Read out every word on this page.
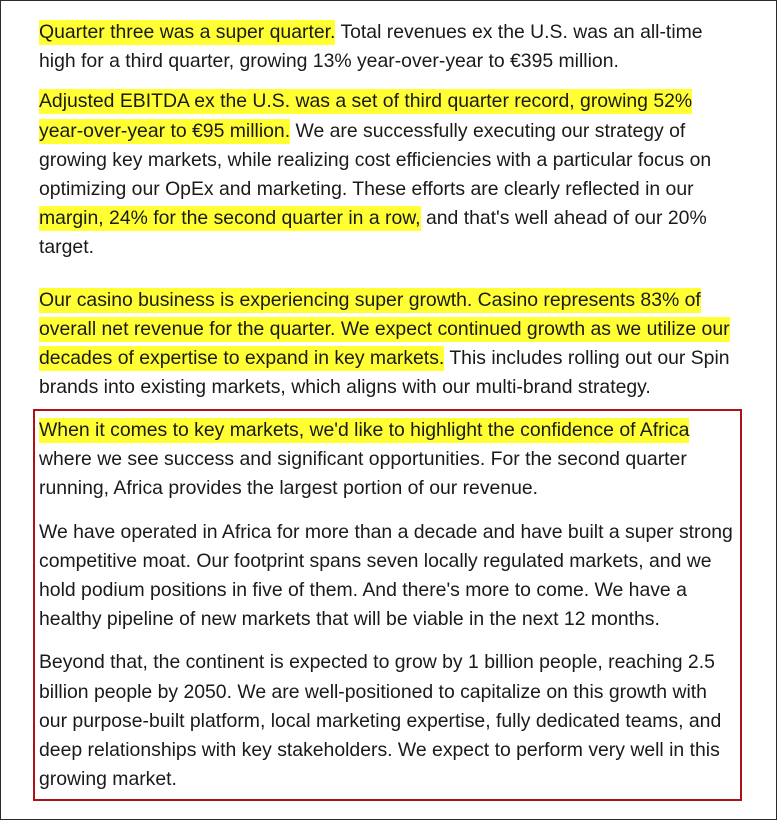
Quarter three was a super quarter. Total revenues ex the U.S. was an all-time high for a third quarter, growing 13% year-over-year to €395 million.

Adjusted EBITDA ex the U.S. was a set of third quarter record, growing 52% year-over-year to €95 million. We are successfully executing our strategy of growing key markets, while realizing cost efficiencies with a particular focus on optimizing our OpEx and marketing. These efforts are clearly reflected in our margin, 24% for the second quarter in a row, and that's well ahead of our 20% target.

Our casino business is experiencing super growth. Casino represents 83% of overall net revenue for the quarter. We expect continued growth as we utilize our decades of expertise to expand in key markets. This includes rolling out our Spin brands into existing markets, which aligns with our multi-brand strategy.

When it comes to key markets, we'd like to highlight the confidence of Africa where we see success and significant opportunities. For the second quarter running, Africa provides the largest portion of our revenue.

We have operated in Africa for more than a decade and have built a super strong competitive moat. Our footprint spans seven locally regulated markets, and we hold podium positions in five of them. And there's more to come. We have a healthy pipeline of new markets that will be viable in the next 12 months.

Beyond that, the continent is expected to grow by 1 billion people, reaching 2.5 billion people by 2050. We are well-positioned to capitalize on this growth with our purpose-built platform, local marketing expertise, fully dedicated teams, and deep relationships with key stakeholders. We expect to perform very well in this growing market.
